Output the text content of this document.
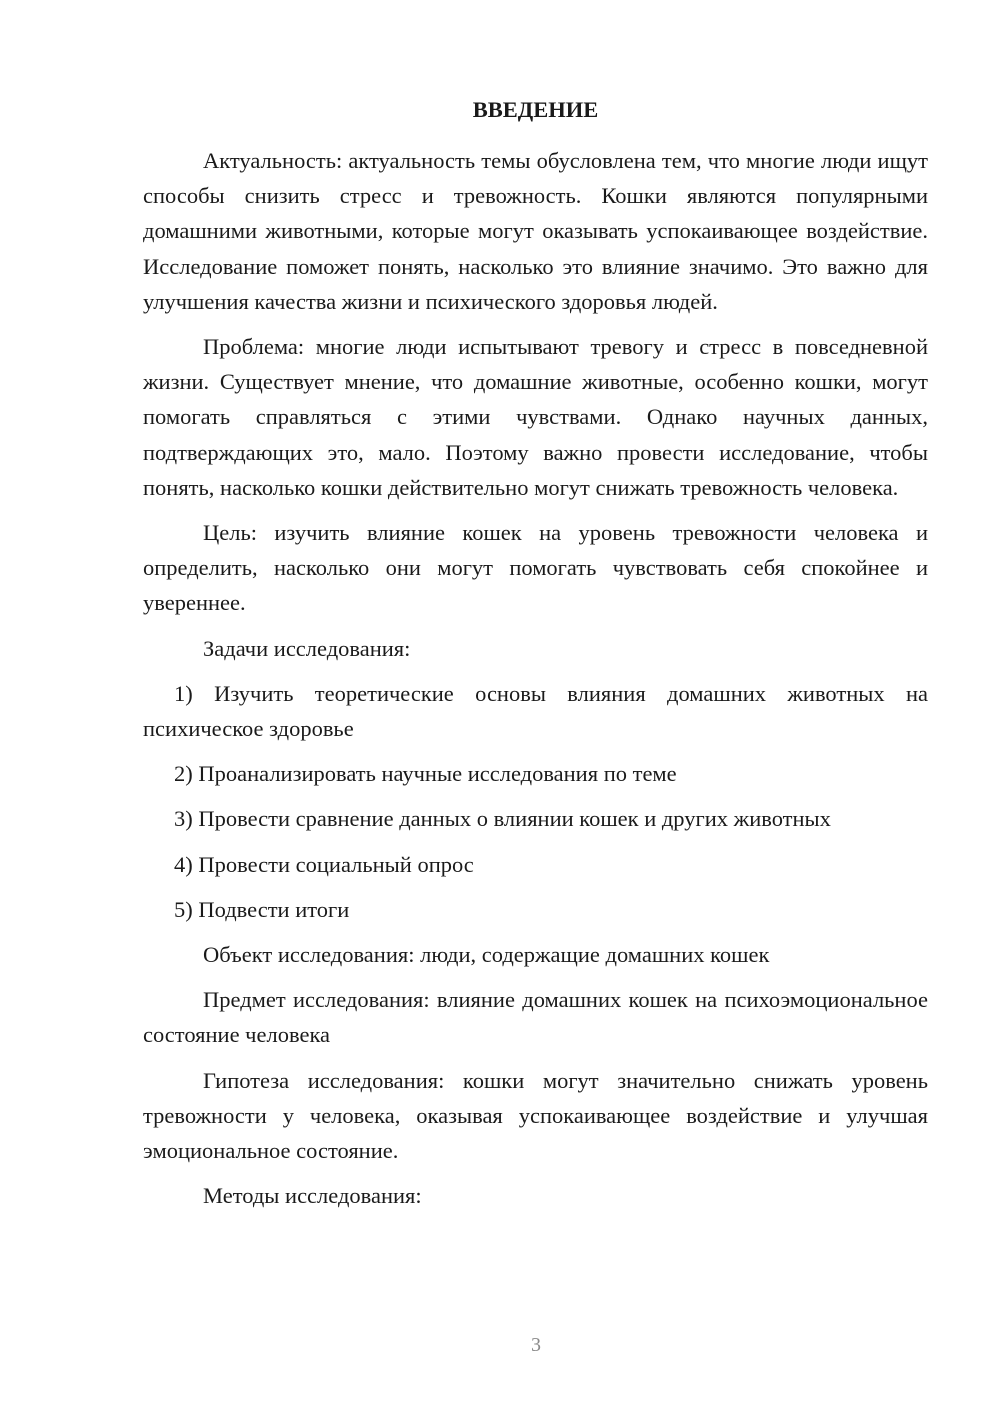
ВВЕДЕНИЕ

Актуальность: актуальность темы обусловлена тем, что многие люди ищут способы снизить стресс и тревожность. Кошки являются популярными домашними животными, которые могут оказывать успокаивающее воздействие. Исследование поможет понять, насколько это влияние значимо. Это важно для улучшения качества жизни и психического здоровья людей.

Проблема: многие люди испытывают тревогу и стресс в повседневной жизни. Существует мнение, что домашние животные, особенно кошки, могут помогать справляться с этими чувствами. Однако научных данных, подтверждающих это, мало. Поэтому важно провести исследование, чтобы понять, насколько кошки действительно могут снижать тревожность человека.

Цель: изучить влияние кошек на уровень тревожности человека и определить, насколько они могут помогать чувствовать себя спокойнее и увереннее.

Задачи исследования:

1) Изучить теоретические основы влияния домашних животных на психическое здоровье

2) Проанализировать научные исследования по теме

3) Провести сравнение данных о влиянии кошек и других животных

4) Провести социальный опрос

5) Подвести итоги

Объект исследования: люди, содержащие домашних кошек

Предмет исследования: влияние домашних кошек на психоэмоциональное состояние человека

Гипотеза исследования: кошки могут значительно снижать уровень тревожности у человека, оказывая успокаивающее воздействие и улучшая эмоциональное состояние.

Методы исследования:

3
